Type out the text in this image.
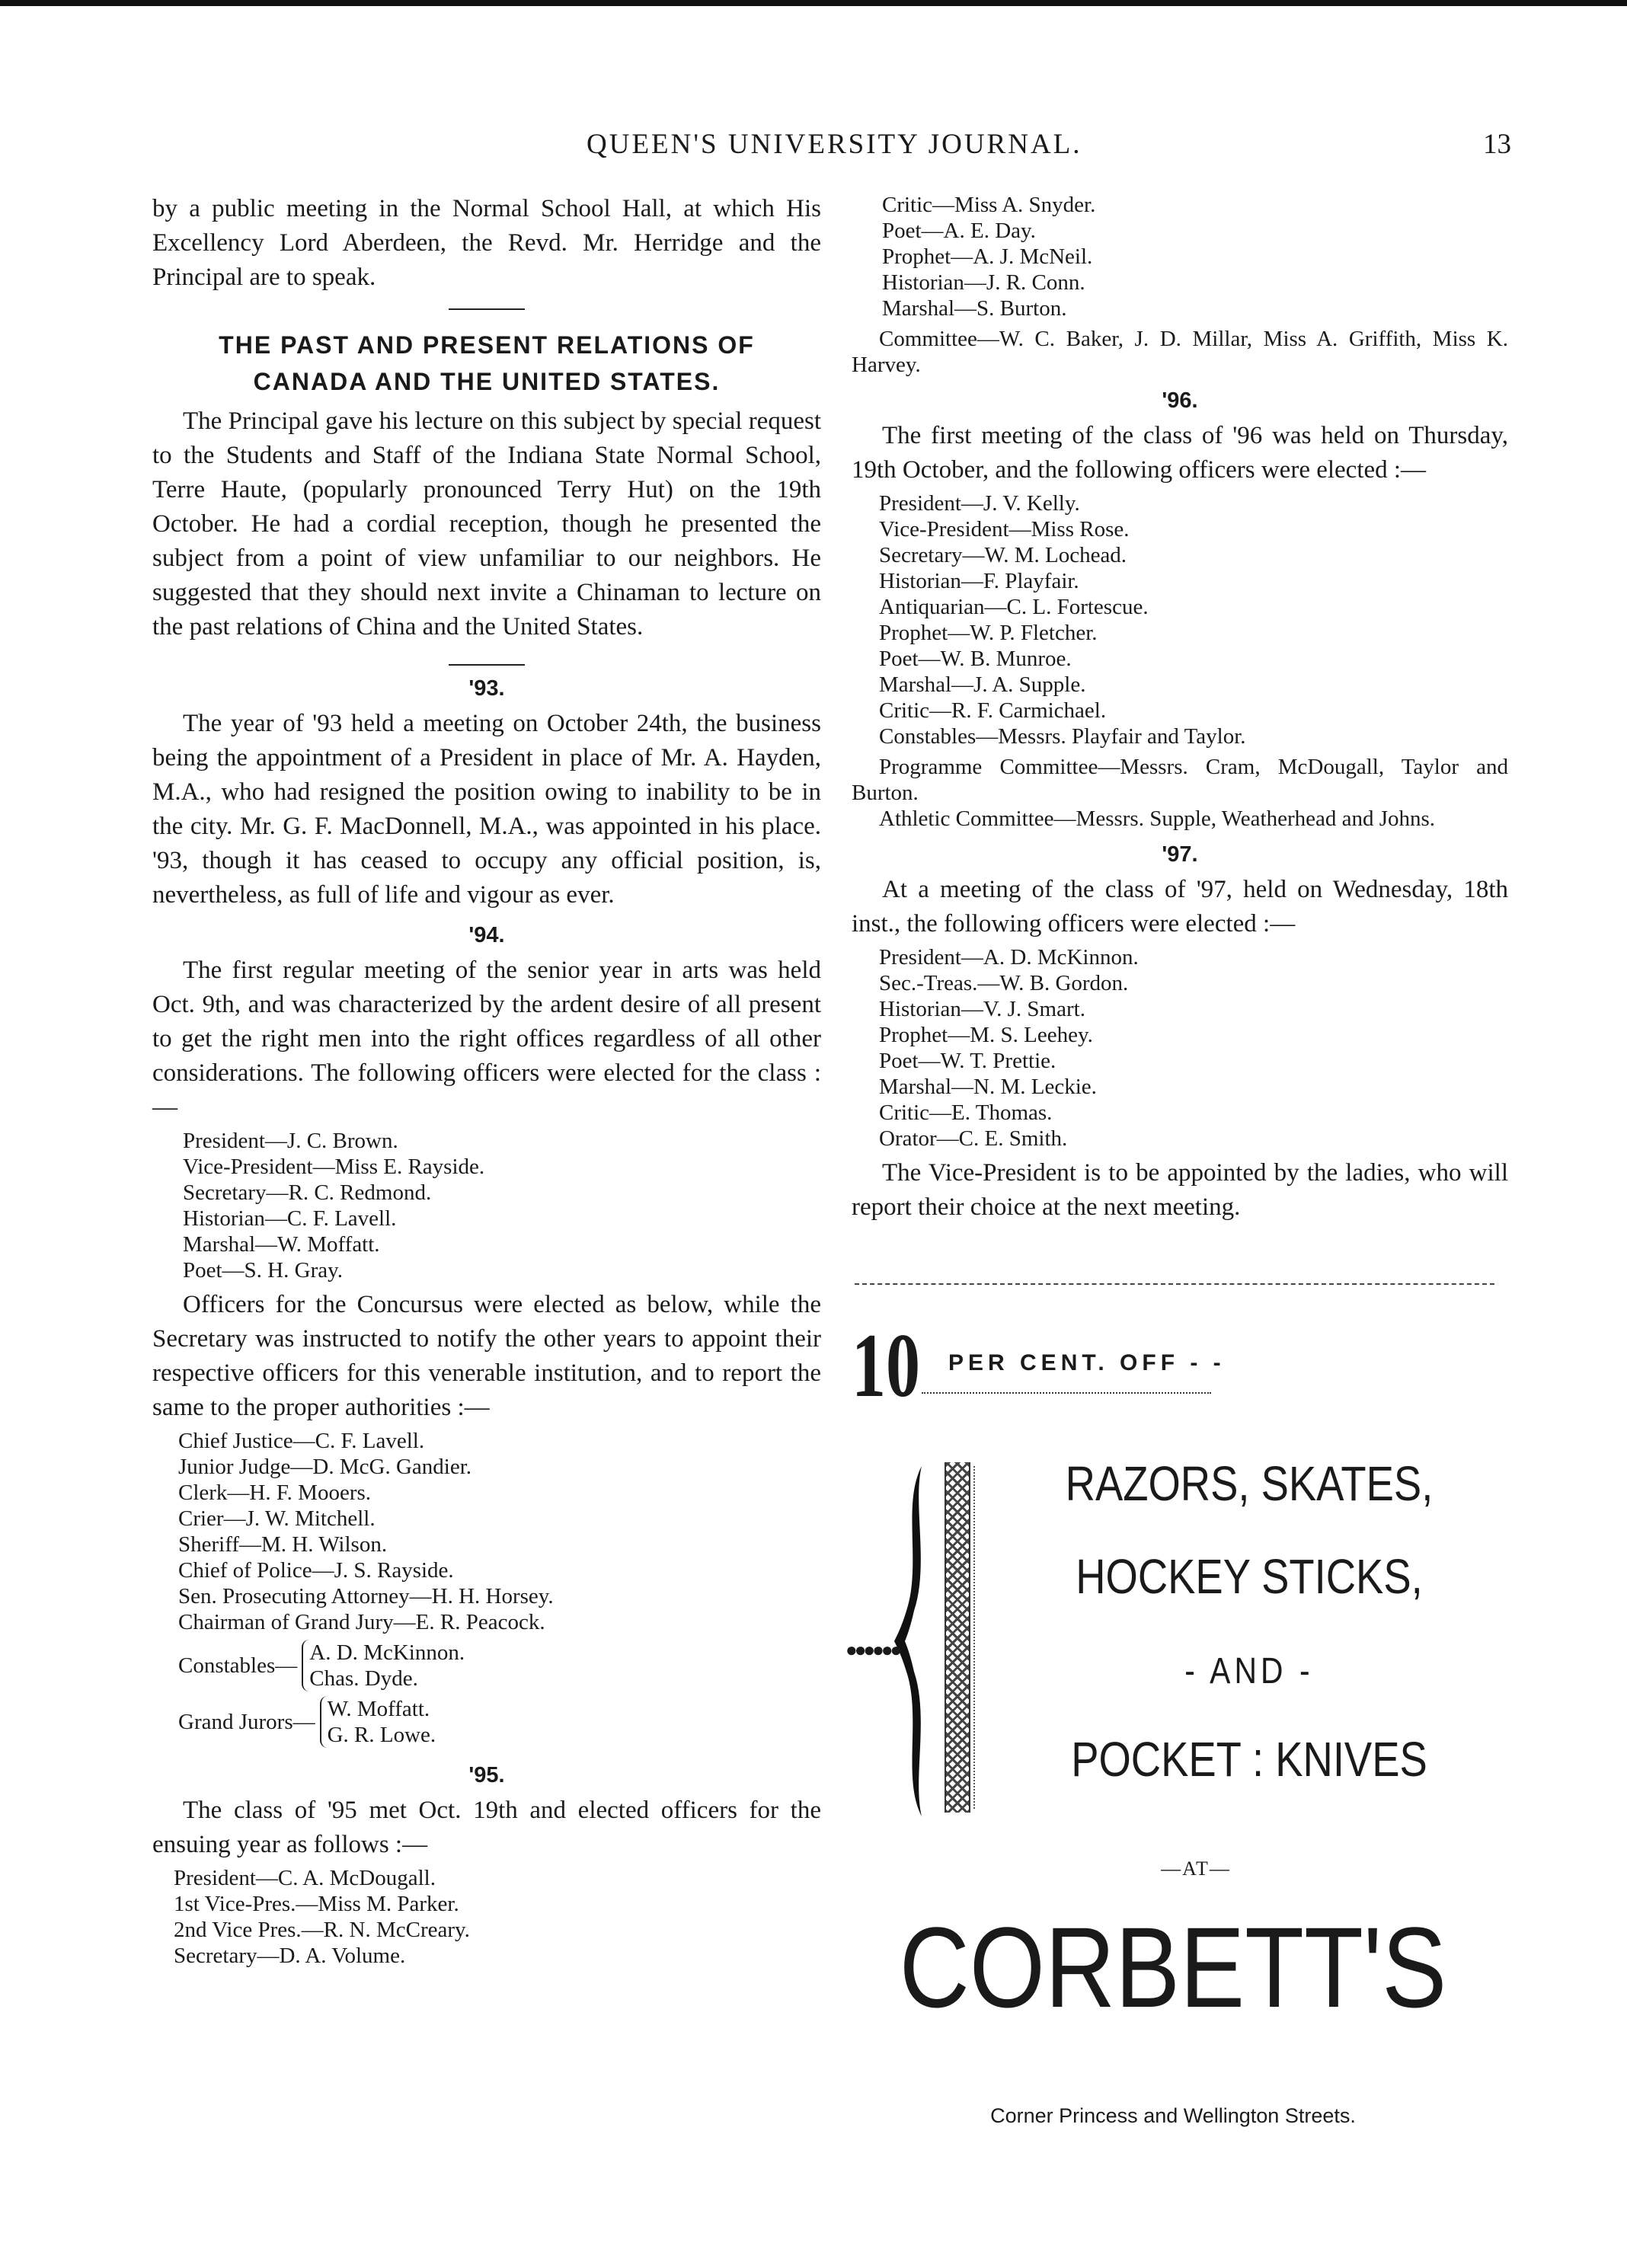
QUEEN'S UNIVERSITY JOURNAL.	13

by a public meeting in the Normal School Hall, at which His Excellency Lord Aberdeen, the Revd. Mr. Herridge and the Principal are to speak.

THE PAST AND PRESENT RELATIONS OF
CANADA AND THE UNITED STATES.

The Principal gave his lecture on this subject by special request to the Students and Staff of the Indiana State Normal School, Terre Haute, (popularly pronounced Terry Hut) on the 19th October. He had a cordial reception, though he presented the subject from a point of view unfamiliar to our neighbors. He suggested that they should next invite a Chinaman to lecture on the past relations of China and the United States.

'93.

The year of '93 held a meeting on October 24th, the business being the appointment of a President in place of Mr. A. Hayden, M.A., who had resigned the position owing to inability to be in the city. Mr. G. F. MacDonnell, M.A., was appointed in his place. '93, though it has ceased to occupy any official position, is, nevertheless, as full of life and vigour as ever.

'94.

The first regular meeting of the senior year in arts was held Oct. 9th, and was characterized by the ardent desire of all present to get the right men into the right offices regardless of all other considerations. The following officers were elected for the class :—

President—J. C. Brown.
Vice-President—Miss E. Rayside.
Secretary—R. C. Redmond.
Historian—C. F. Lavell.
Marshal—W. Moffatt.
Poet—S. H. Gray.

Officers for the Concursus were elected as below, while the Secretary was instructed to notify the other years to appoint their respective officers for this venerable institution, and to report the same to the proper authorities :—

Chief Justice—C. F. Lavell.
Junior Judge—D. McG. Gandier.
Clerk—H. F. Mooers.
Crier—J. W. Mitchell.
Sheriff—M. H. Wilson.
Chief of Police—J. S. Rayside.
Sen. Prosecuting Attorney—H. H. Horsey.
Chairman of Grand Jury—E. R. Peacock.
Constables—
A. D. McKinnon.
Chas. Dyde.
Grand Jurors—
W. Moffatt.
G. R. Lowe.
'95.

The class of '95 met Oct. 19th and elected officers for the ensuing year as follows :—

President—C. A. McDougall.
1st Vice-Pres.—Miss M. Parker.
2nd Vice Pres.—R. N. McCreary.
Secretary—D. A. Volume.
Critic—Miss A. Snyder.
Poet—A. E. Day.
Prophet—A. J. McNeil.
Historian—J. R. Conn.
Marshal—S. Burton.
Committee—W. C. Baker, J. D. Millar, Miss A. Griffith, Miss K. Harvey.
'96.

The first meeting of the class of '96 was held on Thursday, 19th October, and the following officers were elected :—

President—J. V. Kelly.
Vice-President—Miss Rose.
Secretary—W. M. Lochead.
Historian—F. Playfair.
Antiquarian—C. L. Fortescue.
Prophet—W. P. Fletcher.
Poet—W. B. Munroe.
Marshal—J. A. Supple.
Critic—R. F. Carmichael.
Constables—Messrs. Playfair and Taylor.
Programme Committee—Messrs. Cram, McDougall, Taylor and Burton.
Athletic Committee—Messrs. Supple, Weatherhead and Johns.
'97.

At a meeting of the class of '97, held on Wednesday, 18th inst., the following officers were elected :—

President—A. D. McKinnon.
Sec.-Treas.—W. B. Gordon.
Historian—V. J. Smart.
Prophet—M. S. Leehey.
Poet—W. T. Prettie.
Marshal—N. M. Leckie.
Critic—E. Thomas.
Orator—C. E. Smith.

The Vice-President is to be appointed by the ladies, who will report their choice at the next meeting.

10 PER CENT. OFF - -
●●●●●●
RAZORS, SKATES,
HOCKEY STICKS,
- AND -
POCKET : KNIVES
—AT—
CORBETT'S
Corner Princess and Wellington Streets.
